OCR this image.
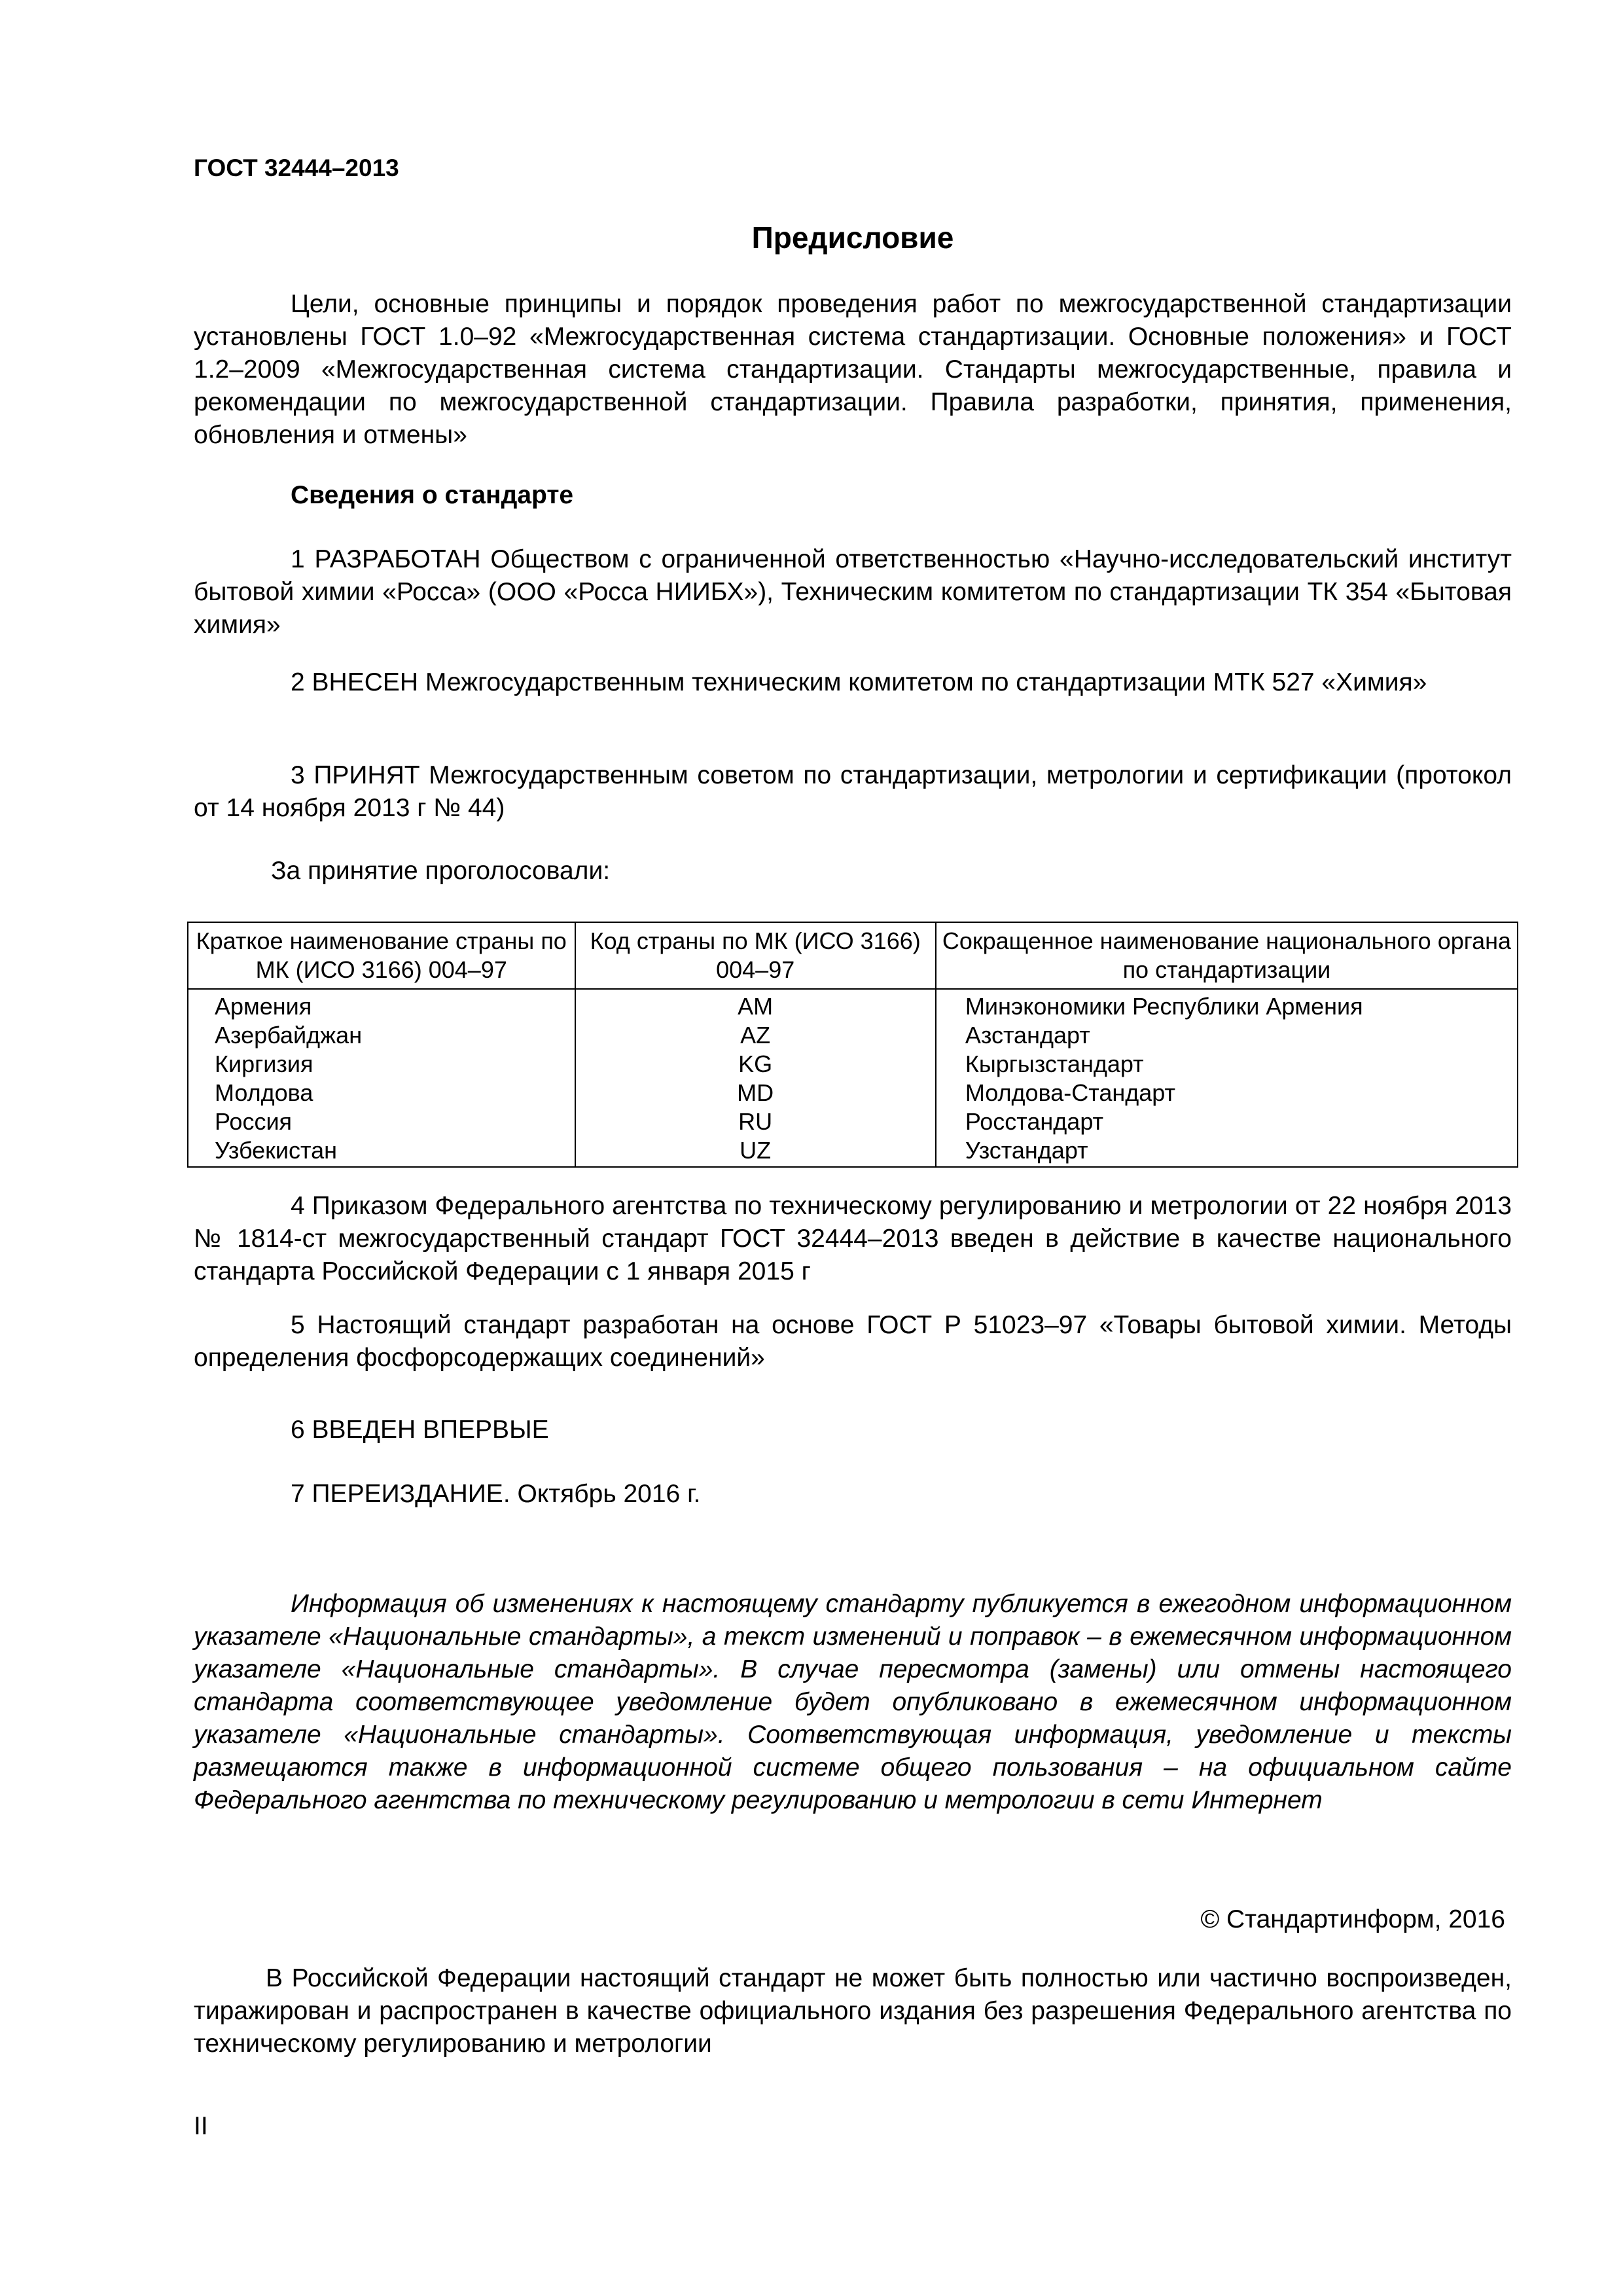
ГОСТ 32444–2013
Предисловие
Цели, основные принципы и порядок проведения работ по межгосударственной стандартизации установлены ГОСТ 1.0–92 «Межгосударственная система стандартизации. Основные положения» и ГОСТ 1.2–2009 «Межгосударственная система стандартизации. Стандарты межгосударственные, правила и рекомендации по межгосударственной стандартизации. Правила разработки, принятия, применения, обновления и отмены»
Сведения о стандарте
1 РАЗРАБОТАН Обществом с ограниченной ответственностью «Научно-исследовательский институт бытовой химии «Росса» (ООО «Росса НИИБХ»), Техническим комитетом по стандартизации ТК 354 «Бытовая химия»
2 ВНЕСЕН Межгосударственным техническим комитетом по стандартизации МТК 527 «Химия»
3 ПРИНЯТ Межгосударственным советом по стандартизации, метрологии и сертификации (протокол от 14 ноября 2013 г № 44)
За принятие проголосовали:
Краткое наименование страны по МК (ИСО 3166) 004–97	Код страны по МК (ИСО 3166) 004–97	Сокращенное наименование национального органа по стандартизации
Армения	AM	Минэкономики Республики Армения
Азербайджан	AZ	Азстандарт
Киргизия	KG	Кыргызстандарт
Молдова	MD	Молдова-Стандарт
Россия	RU	Росстандарт
Узбекистан	UZ	Узстандарт
4 Приказом Федерального агентства по техническому регулированию и метрологии от 22 ноября 2013 № 1814-ст межгосударственный стандарт ГОСТ 32444–2013 введен в действие в качестве национального стандарта Российской Федерации с 1 января 2015 г
5 Настоящий стандарт разработан на основе ГОСТ Р 51023–97 «Товары бытовой химии. Методы определения фосфорсодержащих соединений»
6 ВВЕДЕН ВПЕРВЫЕ
7 ПЕРЕИЗДАНИЕ. Октябрь 2016 г.
Информация об изменениях к настоящему стандарту публикуется в ежегодном информационном указателе «Национальные стандарты», а текст изменений и поправок – в ежемесячном информационном указателе «Национальные стандарты». В случае пересмотра (замены) или отмены настоящего стандарта соответствующее уведомление будет опубликовано в ежемесячном информационном указателе «Национальные стандарты». Соответствующая информация, уведомление и тексты размещаются также в информационной системе общего пользования – на официальном сайте Федерального агентства по техническому регулированию и метрологии в сети Интернет
© Стандартинформ, 2016
В Российской Федерации настоящий стандарт не может быть полностью или частично воспроизведен, тиражирован и распространен в качестве официального издания без разрешения Федерального агентства по техническому регулированию и метрологии
II
